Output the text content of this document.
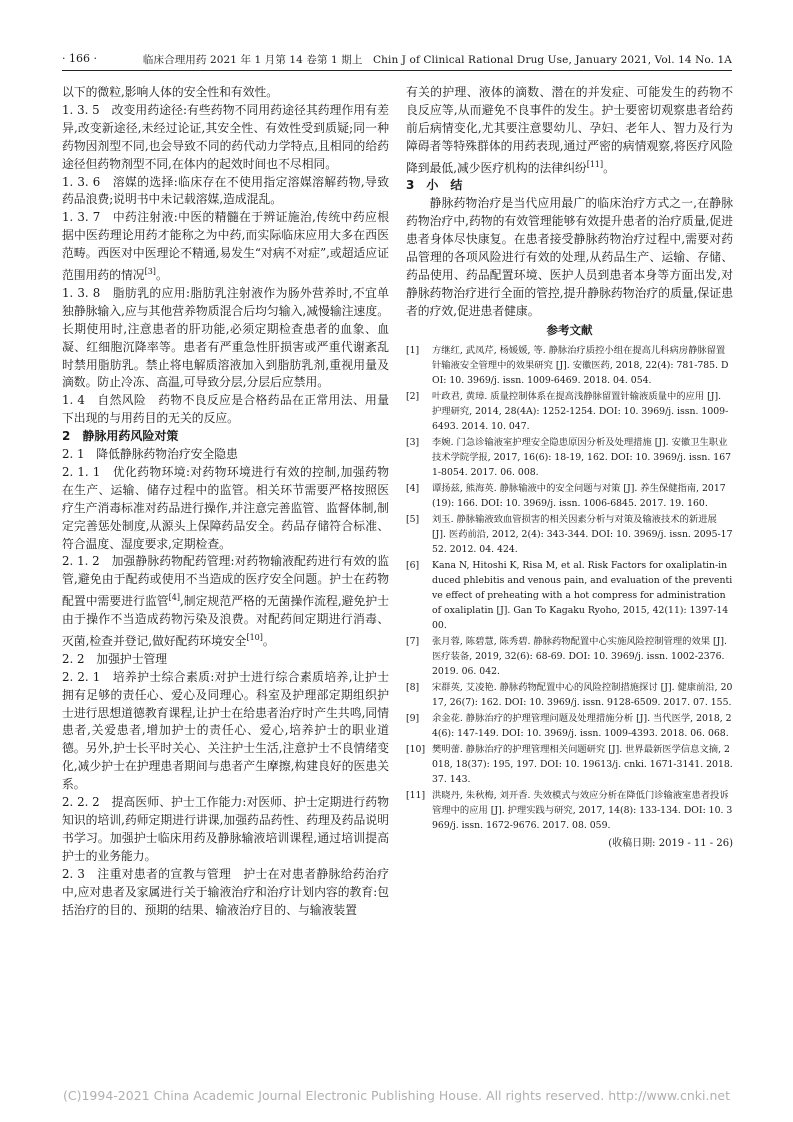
· 166 ·	临床合理用药 2021 年 1 月第 14 卷第 1 期上　Chin J of Clinical Rational Drug Use, January 2021, Vol. 14 No. 1A

以下的微粒,影响人体的安全性和有效性。

1. 3. 5　改变用药途径:有些药物不同用药途径其药理作用有差异,改变新途径,未经过论证,其安全性、有效性受到质疑;同一种药物因剂型不同,也会导致不同的药代动力学特点,且相同的给药途径但药物剂型不同,在体内的起效时间也不尽相同。

1. 3. 6　溶媒的选择:临床存在不使用指定溶媒溶解药物,导致药品浪费;说明书中未记载溶媒,造成混乱。

1. 3. 7　中药注射液:中医的精髓在于辨证施治,传统中药应根据中医药理论用药才能称之为中药,而实际临床应用大多在西医范畴。西医对中医理论不精通,易发生“对病不对症”,或超适应证范围用药的情况[3]。

1. 3. 8　脂肪乳的应用:脂肪乳注射液作为肠外营养时,不宜单独静脉输入,应与其他营养物质混合后均匀输入,减慢输注速度。长期使用时,注意患者的肝功能,必须定期检查患者的血象、血凝、红细胞沉降率等。患者有严重急性肝损害或严重代谢紊乱时禁用脂肪乳。禁止将电解质溶液加入到脂肪乳剂,重视用量及滴数。防止冷冻、高温,可导致分层,分层后应禁用。

1. 4　自然风险　药物不良反应是合格药品在正常用法、用量下出现的与用药目的无关的反应。

2　静脉用药风险对策
2. 1　降低静脉药物治疗安全隐患

2. 1. 1　优化药物环境:对药物环境进行有效的控制,加强药物在生产、运输、储存过程中的监管。相关环节需要严格按照医疗生产消毒标准对药品进行操作,并注意完善监管、监督体制,制定完善惩处制度,从源头上保障药品安全。药品存储符合标准、符合温度、湿度要求,定期检查。

2. 1. 2　加强静脉药物配药管理:对药物输液配药进行有效的监管,避免由于配药或使用不当造成的医疗安全问题。护士在药物配置中需要进行监管[4],制定规范严格的无菌操作流程,避免护士由于操作不当造成药物污染及浪费。对配药间定期进行消毒、灭菌,检查并登记,做好配药环境安全[10]。

2. 2　加强护士管理

2. 2. 1　培养护士综合素质:对护士进行综合素质培养,让护士拥有足够的责任心、爱心及同理心。科室及护理部定期组织护士进行思想道德教育课程,让护士在给患者治疗时产生共鸣,同情患者,关爱患者,增加护士的责任心、爱心,培养护士的职业道德。另外,护士长平时关心、关注护士生活,注意护士不良情绪变化,减少护士在护理患者期间与患者产生摩擦,构建良好的医患关系。

2. 2. 2　提高医师、护士工作能力:对医师、护士定期进行药物知识的培训,药师定期进行讲课,加强药品药性、药理及药品说明书学习。加强护士临床用药及静脉输液培训课程,通过培训提高护士的业务能力。

2. 3　注重对患者的宣教与管理　护士在对患者静脉给药治疗中,应对患者及家属进行关于输液治疗和治疗计划内容的教育:包括治疗的目的、预期的结果、输液治疗目的、与输液装置

有关的护理、液体的滴数、潜在的并发症、可能发生的药物不良反应等,从而避免不良事件的发生。护士要密切观察患者给药前后病情变化,尤其要注意婴幼儿、孕妇、老年人、智力及行为障碍者等特殊群体的用药表现,通过严密的病情观察,将医疗风险降到最低,减少医疗机构的法律纠纷[11]。

3　小　结

静脉药物治疗是当代应用最广的临床治疗方式之一,在静脉药物治疗中,药物的有效管理能够有效提升患者的治疗质量,促进患者身体尽快康复。在患者接受静脉药物治疗过程中,需要对药品管理的各项风险进行有效的处理,从药品生产、运输、存储、药品使用、药品配置环境、医护人员到患者本身等方面出发,对静脉药物治疗进行全面的管控,提升静脉药物治疗的质量,保证患者的疗效,促进患者健康。

参考文献
[1]	方继红, 武凤芹, 杨媛媛, 等. 静脉治疗质控小组在提高儿科病房静脉留置针输液安全管理中的效果研究 [J]. 安徽医药, 2018, 22(4): 781-785. DOI: 10. 3969/j. issn. 1009-6469. 2018. 04. 054.
[2]	叶政君, 黄璋. 质量控制体系在提高浅静脉留置针输液质量中的应用 [J]. 护理研究, 2014, 28(4A): 1252-1254. DOI: 10. 3969/j. issn. 1009-6493. 2014. 10. 047.
[3]	李婉. 门急诊输液室护理安全隐患原因分析及处理措施 [J]. 安徽卫生职业技术学院学报, 2017, 16(6): 18-19, 162. DOI: 10. 3969/j. issn. 1671-8054. 2017. 06. 008.
[4]	谭扬兹, 熊海英. 静脉输液中的安全问题与对策 [J]. 养生保健指南, 2017(19): 166. DOI: 10. 3969/j. issn. 1006-6845. 2017. 19. 160.
[5]	刘玉. 静脉输液致血管损害的相关因素分析与对策及输液技术的新进展 [J]. 医药前沿, 2012, 2(4): 343-344. DOI: 10. 3969/j. issn. 2095-1752. 2012. 04. 424.
[6]	Kana N, Hitoshi K, Risa M, et al. Risk Factors for oxaliplatin-induced phlebitis and venous pain, and evaluation of the preventive effect of preheating with a hot compress for administration of oxaliplatin [J]. Gan To Kagaku Ryoho, 2015, 42(11): 1397-1400.
[7]	张月蓉, 陈碧慧, 陈秀碧. 静脉药物配置中心实施风险控制管理的效果 [J]. 医疗装备, 2019, 32(6): 68-69. DOI: 10. 3969/j. issn. 1002-2376. 2019. 06. 042.
[8]	宋群英, 艾凌艳. 静脉药物配置中心的风险控制措施探讨 [J]. 健康前沿, 2017, 26(7): 162. DOI: 10. 3969/j. issn. 9128-6509. 2017. 07. 155.
[9]	余金花. 静脉治疗的护理管理问题及处理措施分析 [J]. 当代医学, 2018, 24(6): 147-149. DOI: 10. 3969/j. issn. 1009-4393. 2018. 06. 068.
[10] 樊明蕾. 静脉治疗的护理管理相关问题研究 [J]. 世界最新医学信息文摘, 2018, 18(37): 195, 197. DOI: 10. 19613/j. cnki. 1671-3141. 2018. 37. 143.
[11] 洪晓丹, 朱秋梅, 刘开香. 失效模式与效应分析在降低门诊输液室患者投诉管理中的应用 [J]. 护理实践与研究, 2017, 14(8): 133-134. DOI: 10. 3969/j. issn. 1672-9676. 2017. 08. 059.
(收稿日期: 2019 - 11 - 26)
(C)1994-2021 China Academic Journal Electronic Publishing House. All rights reserved. http://www.cnki.net
